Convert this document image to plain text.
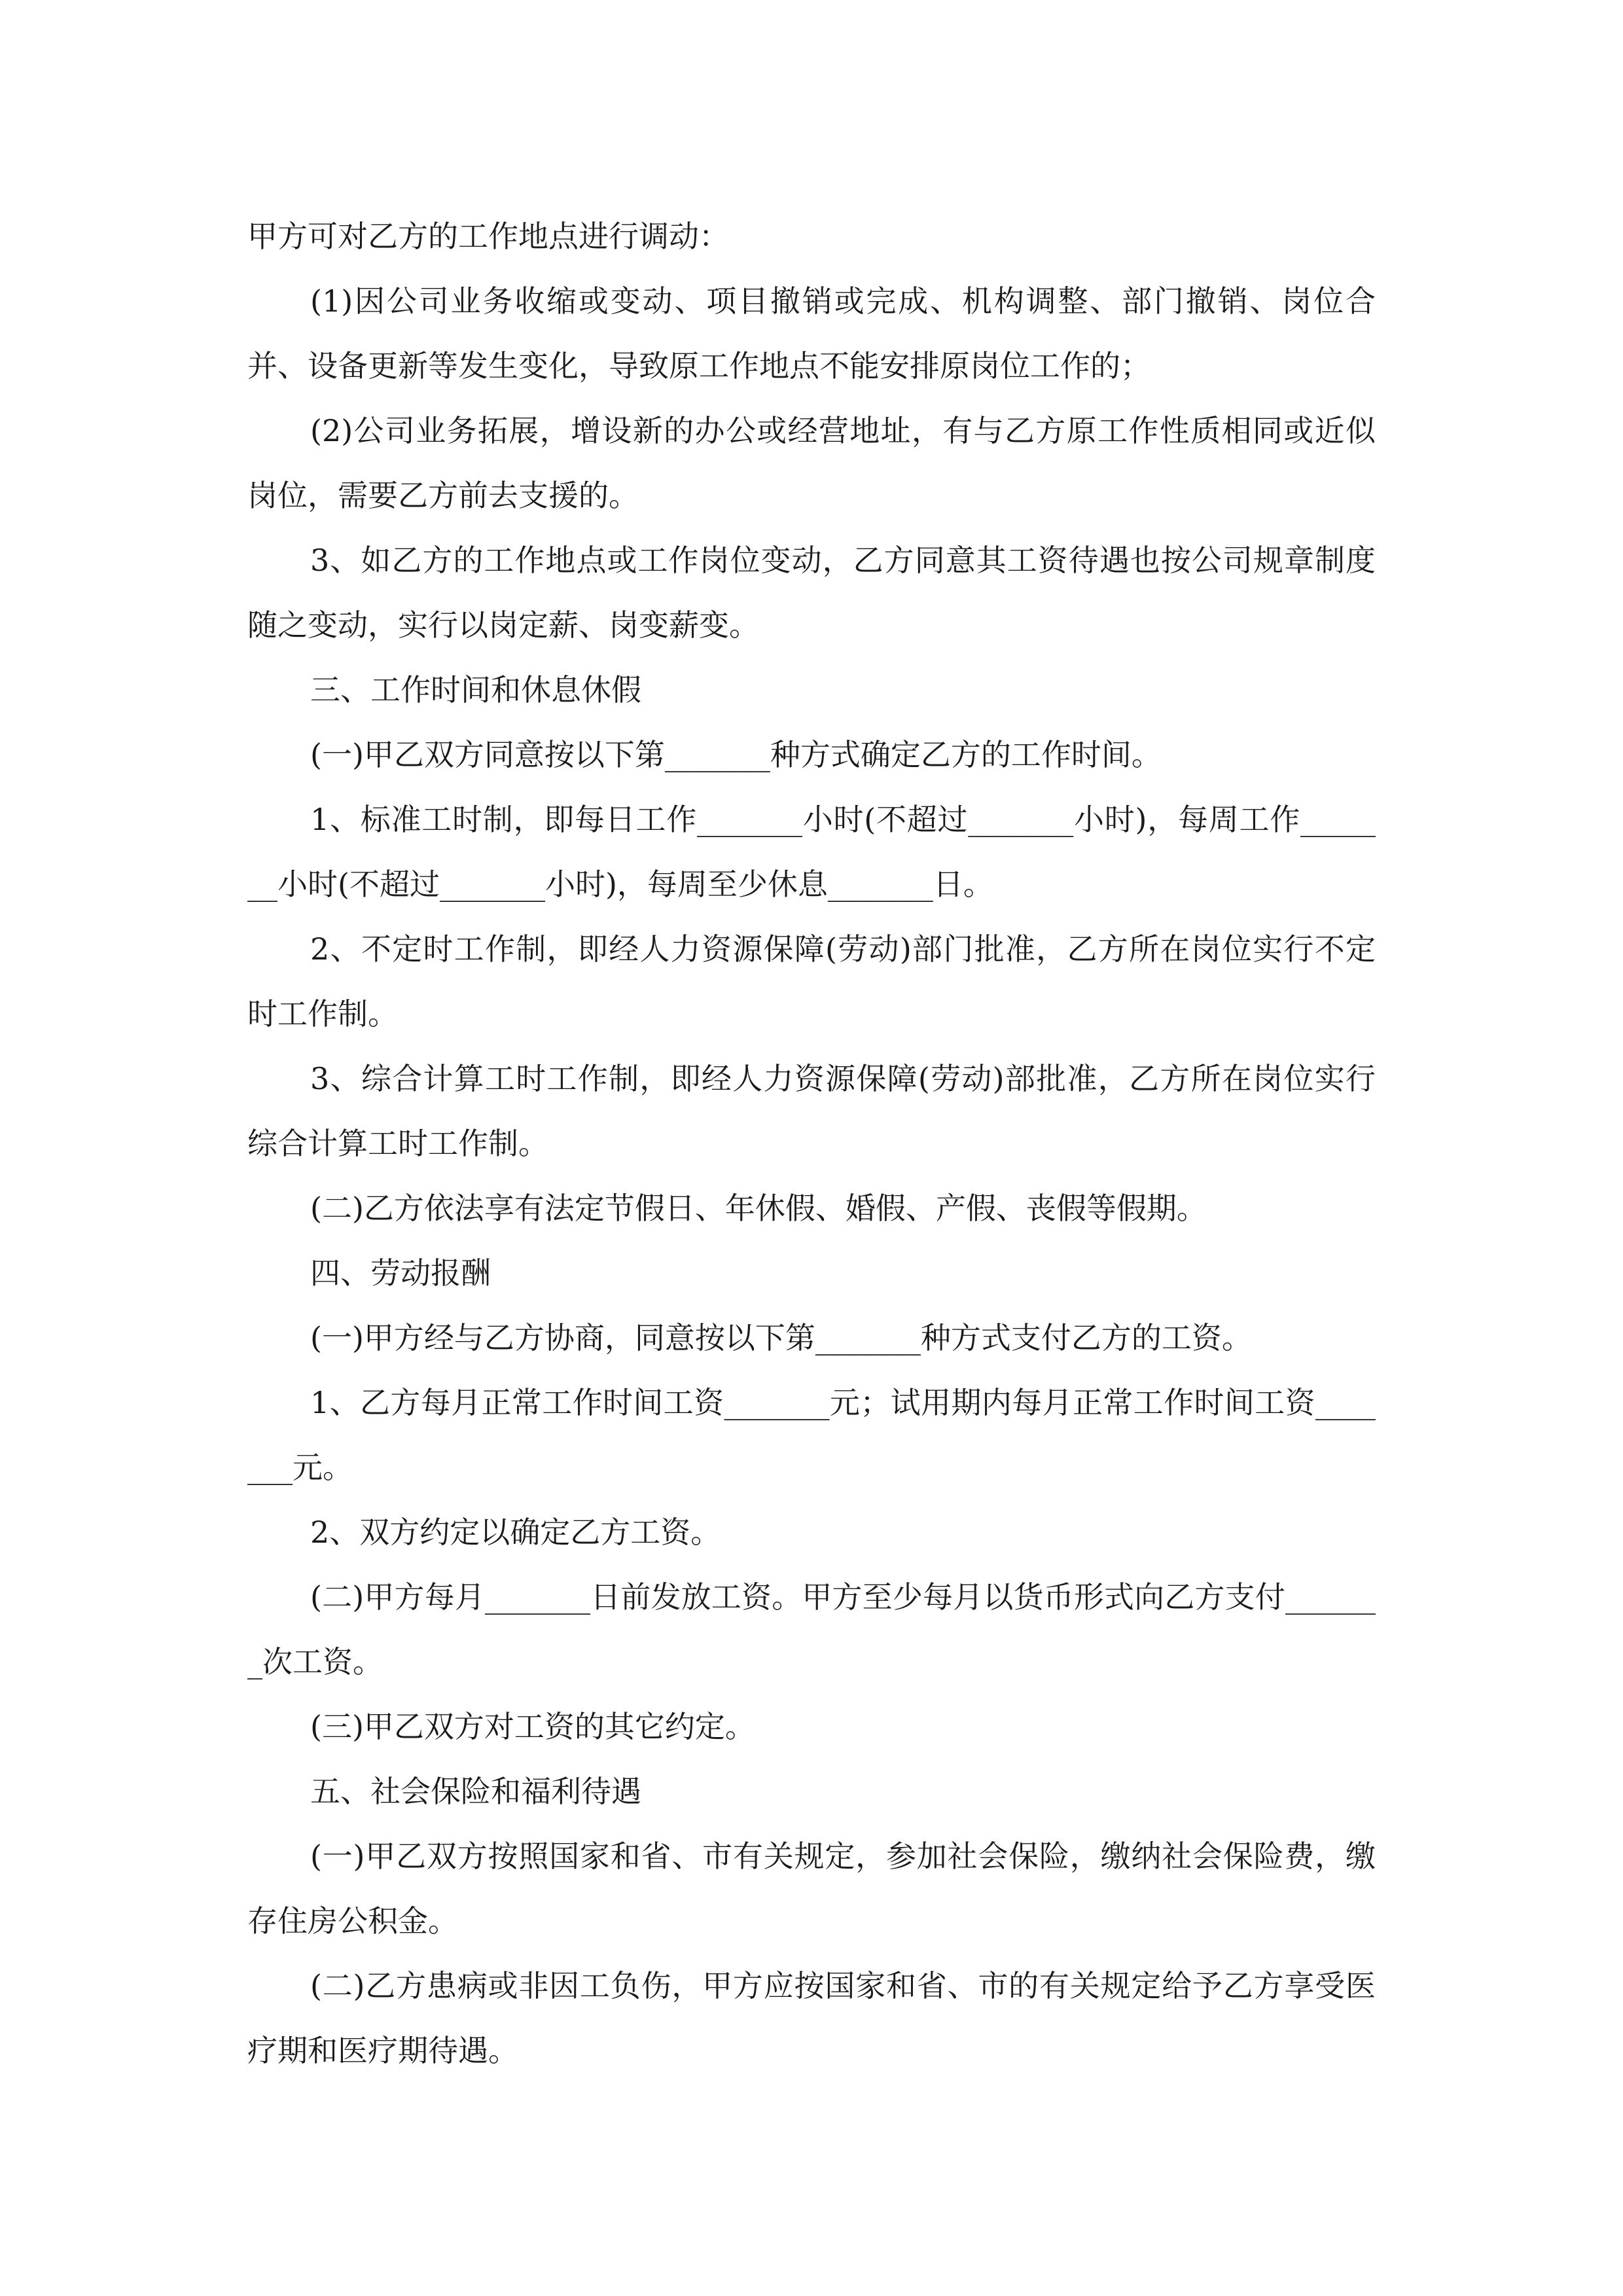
甲方可对乙方的工作地点进行调动：

(1)因公司业务收缩或变动、项目撤销或完成、机构调整、部门撤销、岗位合并、设备更新等发生变化，导致原工作地点不能安排原岗位工作的；

(2)公司业务拓展，增设新的办公或经营地址，有与乙方原工作性质相同或近似岗位，需要乙方前去支援的。

3、如乙方的工作地点或工作岗位变动，乙方同意其工资待遇也按公司规章制度随之变动，实行以岗定薪、岗变薪变。

三、工作时间和休息休假

(一)甲乙双方同意按以下第_______种方式确定乙方的工作时间。

1、标准工时制，即每日工作_______小时(不超过_______小时)，每周工作_______小时(不超过_______小时)，每周至少休息_______日。

2、不定时工作制，即经人力资源保障(劳动)部门批准，乙方所在岗位实行不定时工作制。

3、综合计算工时工作制，即经人力资源保障(劳动)部批准，乙方所在岗位实行综合计算工时工作制。

(二)乙方依法享有法定节假日、年休假、婚假、产假、丧假等假期。

四、劳动报酬

(一)甲方经与乙方协商，同意按以下第_______种方式支付乙方的工资。

1、乙方每月正常工作时间工资_______元；试用期内每月正常工作时间工资_______元。

2、双方约定以确定乙方工资。

(二)甲方每月_______日前发放工资。甲方至少每月以货币形式向乙方支付_______次工资。

(三)甲乙双方对工资的其它约定。

五、社会保险和福利待遇

(一)甲乙双方按照国家和省、市有关规定，参加社会保险，缴纳社会保险费，缴存住房公积金。

(二)乙方患病或非因工负伤，甲方应按国家和省、市的有关规定给予乙方享受医疗期和医疗期待遇。
